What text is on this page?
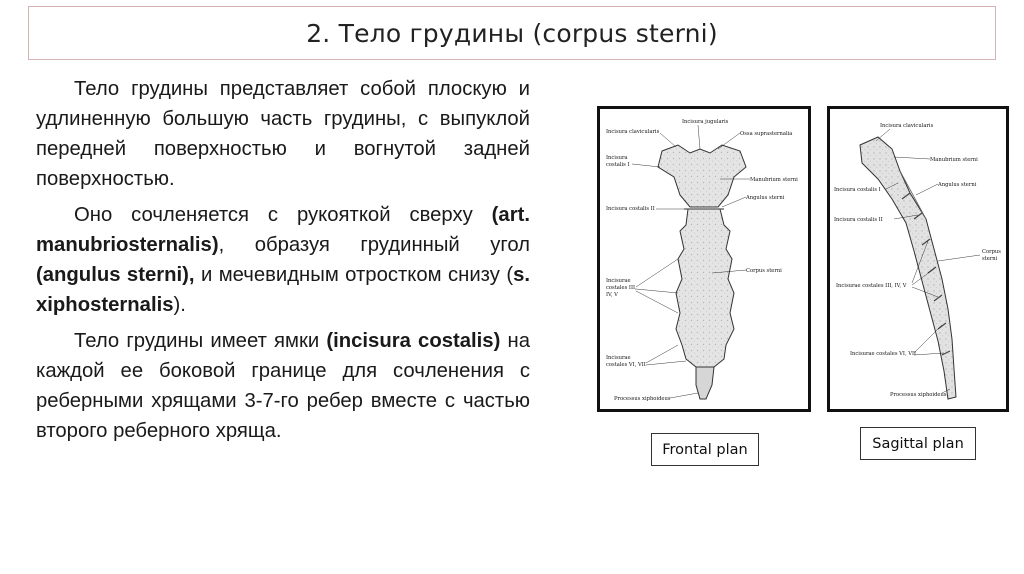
2. Тело грудины (corpus sterni)

Тело грудины представляет собой плоскую и удлиненную большую часть грудины, с выпуклой передней поверхностью и вогнутой задней поверхностью.

Оно сочленяется с рукояткой сверху (art. manubriosternalis), образуя грудинный угол (angulus sterni), и мечевидным отростком снизу (s. xiphosternalis).

Тело грудины имеет ямки (incisura costalis) на каждой ее боковой границе для сочленения с реберными хрящами 3-7-го ребер вместе с частью второго реберного хряща.

Incisura jugularis
Incisura clavicularis	Ossa suprasternalia
Incisura
costalis I
Manubrium sterni
Angulus sterni
Incisura costalis II
Corpus sterni
Incisurae
costales III,
IV, V
Incisurae
costales VI, VII
Processus xiphoideus
Incisura clavicularis
Manubrium sterni
Incisura costalis I
Angulus sterni
Incisura costalis II
Corpus
sterni
Incisurae costales III, IV, V
Incisurae costales VI, VII
Processus xiphoideus
Frontal plan	Sagittal plan
